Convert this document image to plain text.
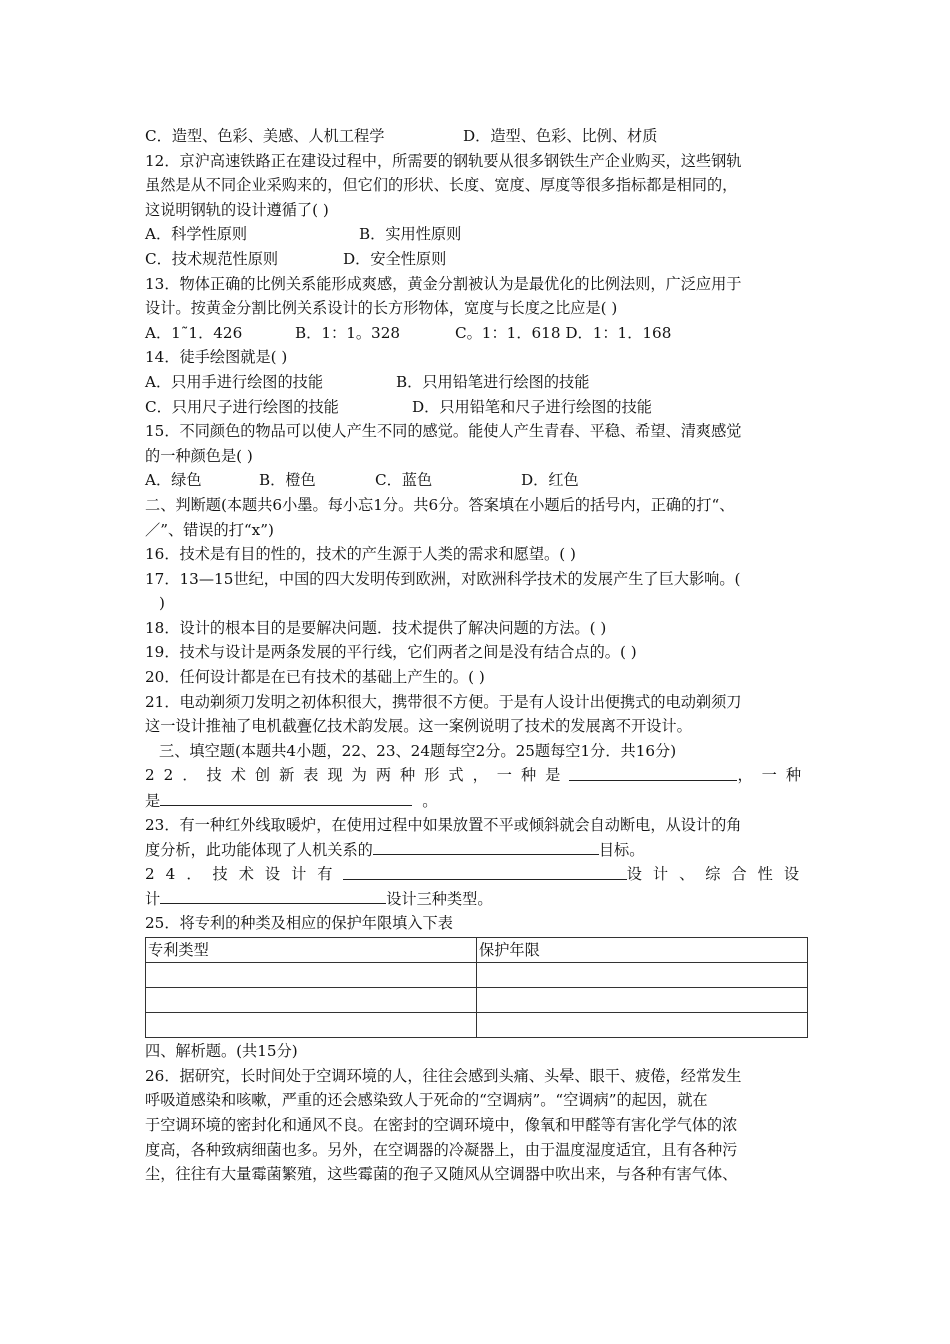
C．造型、色彩、美感、人机工程学	D．造型、色彩、比例、材质
12．京沪高速铁路正在建设过程中，所需要的钢轨要从很多钢铁生产企业购买，这些钢轨
虽然是从不同企业采购来的，但它们的形状、长度、宽度、厚度等很多指标都是相同的，
这说明钢轨的设计遵循了( )
A．科学性原则	B．实用性原则
C．技术规范性原则	D．安全性原则
13．物体正确的比例关系能形成爽感，黄金分割被认为是最优化的比例法则，广泛应用于
设计。按黄金分割比例关系设计的长方形物体，宽度与长度之比应是( )
A．1˜1．426	B．1：1。328	C。1：1．618 D．1：1．168
14．徒手绘图就是( )
A．只用手进行绘图的技能	B．只用铅笔进行绘图的技能
C．只用尺子进行绘图的技能	D．只用铅笔和尺子进行绘图的技能
15．不同颜色的物品可以使人产生不同的感觉。能使人产生青春、平稳、希望、清爽感觉
的一种颜色是( )
A．绿色	B．橙色	C．蓝色	D．红色
二、判断题(本题共6小墨。每小忘1分。共6分。答案填在小题后的括号内，正确的打“、
／”、错误的打“x”)
16．技术是有目的性的，技术的产生源于人类的需求和愿望。( )
17．13—15世纪，中国的四大发明传到欧洲，对欧洲科学技术的发展产生了巨大影响。(
)
18．设计的根本目的是要解决问题．技术提供了解决问题的方法。( )
19．技术与设计是两条发展的平行线，它们两者之间是没有结合点的。( )
20．任何设计都是在已有技术的基础上产生的。( )
21．电动剃须刀发明之初体积很大，携带很不方便。于是有人设计出便携式的电动剃须刀
这一设计推袖了电机截亹亿技术韵发展。这一案例说明了技术的发展离不开设计。
三、填空题(本题共4小题，22、23、24题每空2分。25题每空1分．共16分)
22．技术创新表现为两种形式，一种是	，一种
是	。
23．有一种红外线取暖炉，在使用过程中如果放置不平或倾斜就会自动断电，从设计的角
度分析，此功能体现了人机关系的	目标。
24．技术设计有	设计、综合性设
计	设计三种类型。
25．将专利的种类及相应的保护年限填入下表
专利类型	保护年限

四、解析题。(共15分)
26．据研究，长时间处于空调环境的人，往往会感到头痛、头晕、眼干、疲倦，经常发生
呼吸道感染和咳嗽，严重的还会感染致人于死命的“空调病”。“空调病”的起因，就在
于空调环境的密封化和通风不良。在密封的空调环境中，像氧和甲醛等有害化学气体的浓
度高，各种致病细菌也多。另外，在空调器的冷凝器上，由于温度湿度适宜，且有各种污
尘，往往有大量霉菌繁殖，这些霉菌的孢子又随风从空调器中吹出来，与各种有害气体、
